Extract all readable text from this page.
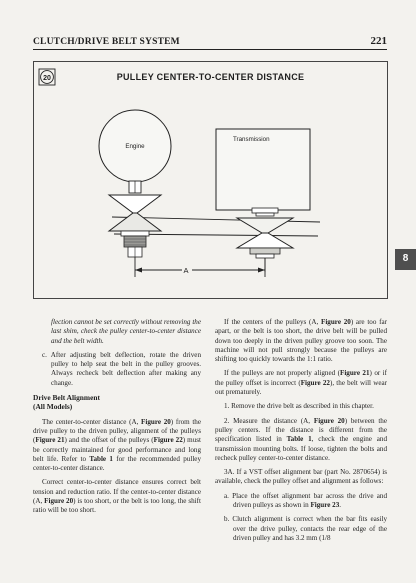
CLUTCH/DRIVE BELT SYSTEM	221
20
Engine
Transmission
A
PULLEY CENTER-TO-CENTER DISTANCE
8

flection cannot be set correctly without removing the last shim, check the pulley center-to-center distance and the belt width.

c. After adjusting belt deflection, rotate the driven pulley to help seat the belt in the pulley grooves. Always recheck belt deflection after making any change.

Drive Belt Alignment
(All Models)

The center-to-center distance (A, Figure 20) from the drive pulley to the driven pulley, alignment of the pulleys (Figure 21) and the offset of the pulleys (Figure 22) must be correctly maintained for good performance and long belt life. Refer to Table 1 for the recommended pulley center-to-center distance.

Correct center-to-center distance ensures correct belt tension and reduction ratio. If the center-to-center distance (A, Figure 20) is too short, or the belt is too long, the shift ratio will be too short.

If the centers of the pulleys (A, Figure 20) are too far apart, or the belt is too short, the drive belt will be pulled down too deeply in the driven pulley groove too soon. The machine will not pull strongly because the pulleys are shifting too quickly towards the 1:1 ratio.

If the pulleys are not properly aligned (Figure 21) or if the pulley offset is incorrect (Figure 22), the belt will wear out prematurely.

1. Remove the drive belt as described in this chapter.

2. Measure the distance (A, Figure 20) between the pulley centers. If the distance is different from the specification listed in Table 1, check the engine and transmission mounting bolts. If loose, tighten the bolts and recheck pulley center-to-center distance.

3A. If a VST offset alignment bar (part No. 2870654) is available, check the pulley offset and alignment as follows:

a. Place the offset alignment bar across the drive and driven pulleys as shown in Figure 23.

b. Clutch alignment is correct when the bar fits easily over the drive pulley, contacts the rear edge of the driven pulley and has 3.2 mm (1/8
